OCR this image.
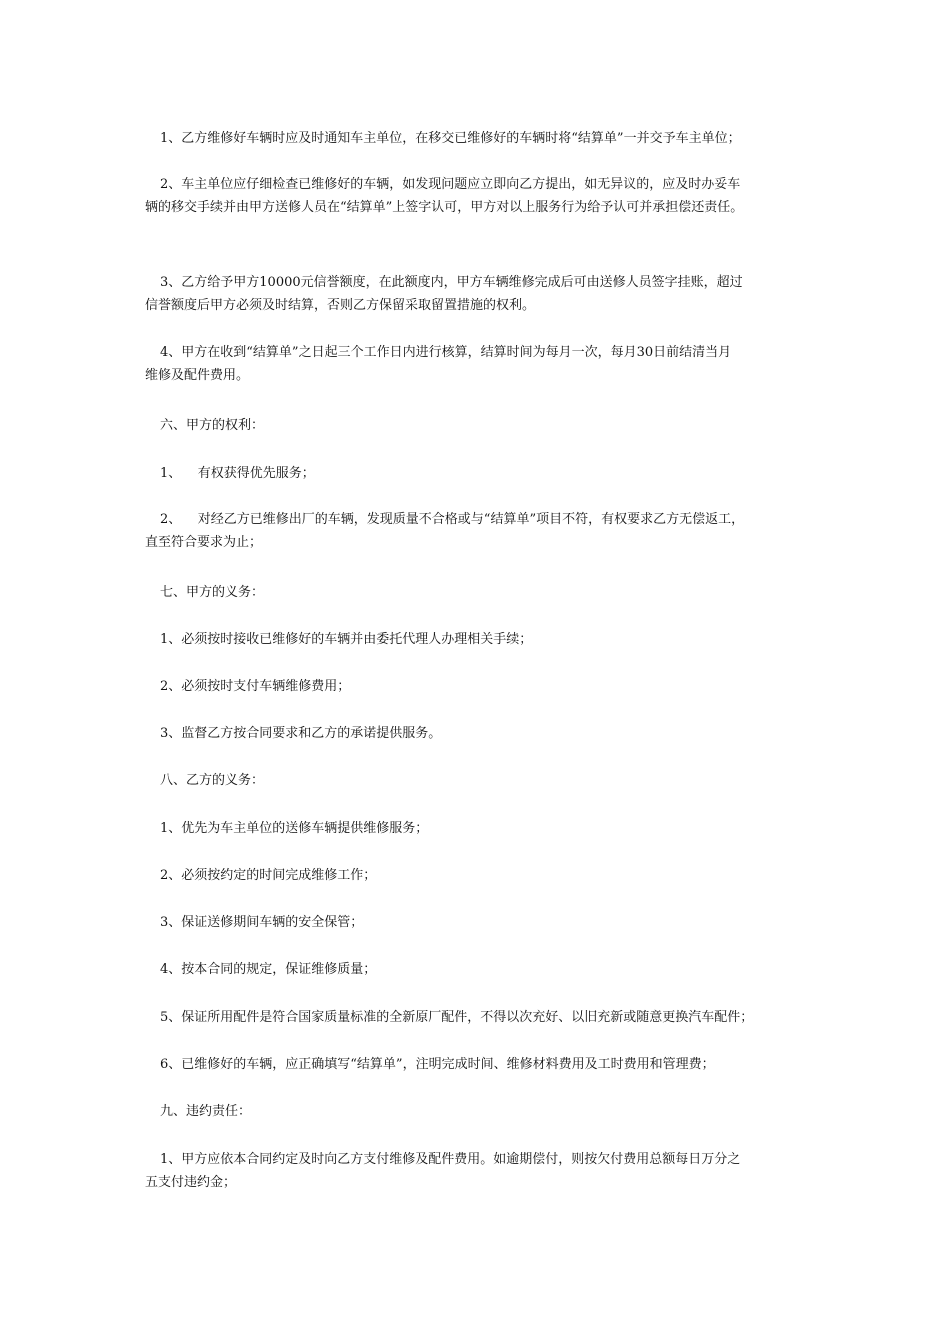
1、乙方维修好车辆时应及时通知车主单位，在移交已维修好的车辆时将“结算单”一并交予车主单位；

2、车主单位应仔细检查已维修好的车辆，如发现问题应立即向乙方提出，如无异议的，应及时办妥车
辆的移交手续并由甲方送修人员在“结算单”上签字认可，甲方对以上服务行为给予认可并承担偿还责任。

3、乙方给予甲方10000元信誉额度，在此额度内，甲方车辆维修完成后可由送修人员签字挂账，超过
信誉额度后甲方必须及时结算，否则乙方保留采取留置措施的权利。

4、甲方在收到“结算单”之日起三个工作日内进行核算，结算时间为每月一次，每月30日前结清当月
维修及配件费用。

六、甲方的权利：

1、    有权获得优先服务；

2、    对经乙方已维修出厂的车辆，发现质量不合格或与“结算单”项目不符，有权要求乙方无偿返工，
直至符合要求为止；

七、甲方的义务：

1、必须按时接收已维修好的车辆并由委托代理人办理相关手续；

2、必须按时支付车辆维修费用；

3、监督乙方按合同要求和乙方的承诺提供服务。

八、乙方的义务：

1、优先为车主单位的送修车辆提供维修服务；

2、必须按约定的时间完成维修工作；

3、保证送修期间车辆的安全保管；

4、按本合同的规定，保证维修质量；

5、保证所用配件是符合国家质量标准的全新原厂配件，不得以次充好、以旧充新或随意更换汽车配件；

6、已维修好的车辆，应正确填写“结算单”，注明完成时间、维修材料费用及工时费用和管理费；

九、违约责任：

1、甲方应依本合同约定及时向乙方支付维修及配件费用。如逾期偿付，则按欠付费用总额每日万分之
五支付违约金；
